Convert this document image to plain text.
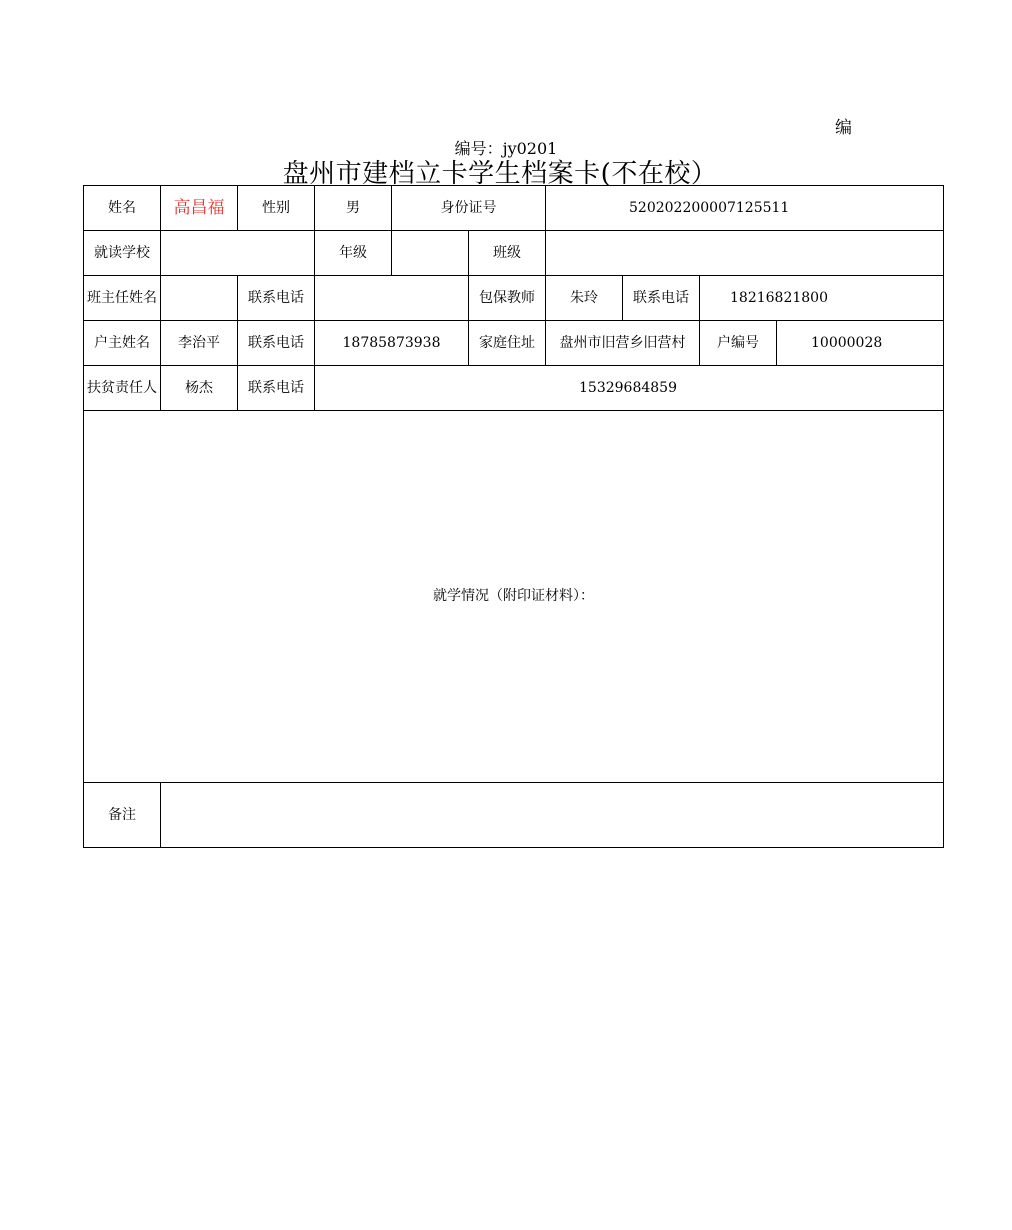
编
编号：jy0201
盘州市建档立卡学生档案卡(不在校）
姓名	高昌福	性别	男	身份证号		520202200007125511			
就读学校			年级		班级				
班主任姓名		联系电话			包保教师	朱玲	联系电话	18216821800	
户主姓名	李治平	联系电话	18785873938		家庭住址	盘州市旧营乡旧营村		户编号	10000028
扶贫责任人	杨杰	联系电话	15329684859						
就学情况（附印证材料）：									
备注									
